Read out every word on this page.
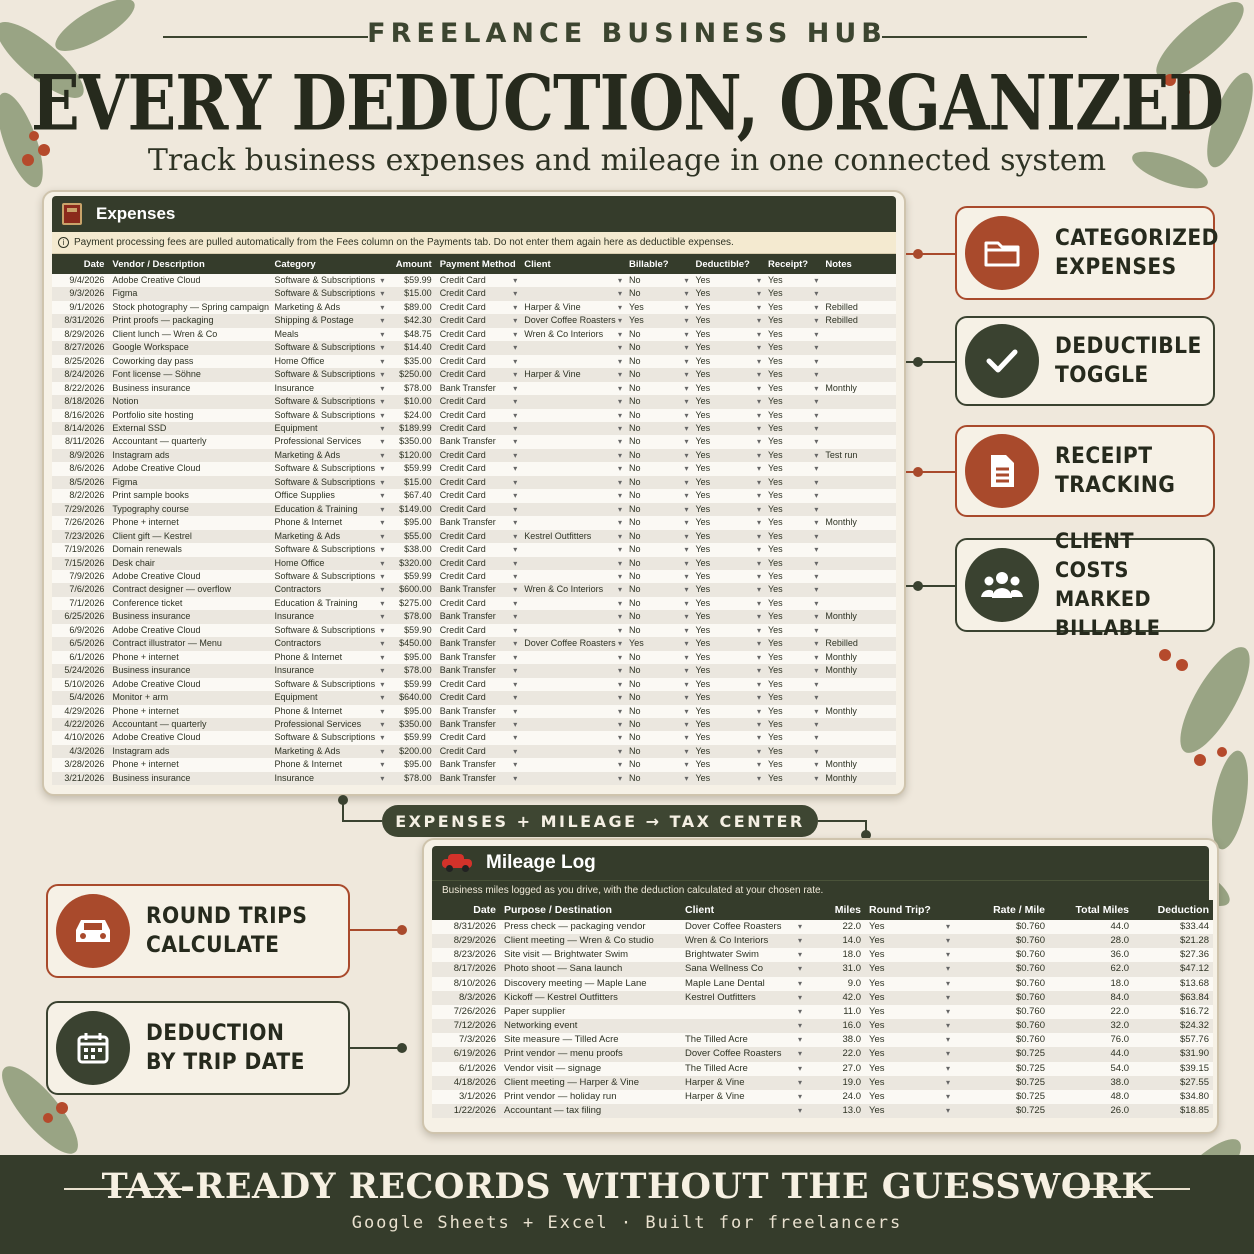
FREELANCE BUSINESS HUB
EVERY DEDUCTION, ORGANIZED
Track business expenses and mileage in one connected system
Expenses
i Payment processing fees are pulled automatically from the Fees column on the Payments tab. Do not enter them again here as deductible expenses.
Date	Vendor / Description	Category	Amount	Payment Method	Client	Billable?	Deductible?	Receipt?	Notes
9/4/2026	Adobe Creative Cloud	Software & Subscriptions ▾	$59.99	Credit Card ▾	▾	No ▾	Yes ▾	Yes ▾	
9/3/2026	Figma	Software & Subscriptions ▾	$15.00	Credit Card ▾	▾	No ▾	Yes ▾	Yes ▾	
9/1/2026	Stock photography — Spring campaign	Marketing & Ads ▾	$89.00	Credit Card ▾	Harper & Vine ▾	Yes ▾	Yes ▾	Yes ▾	Rebilled
8/31/2026	Print proofs — packaging	Shipping & Postage ▾	$42.30	Credit Card ▾	Dover Coffee Roasters ▾	Yes ▾	Yes ▾	Yes ▾	Rebilled
8/29/2026	Client lunch — Wren & Co	Meals ▾	$48.75	Credit Card ▾	Wren & Co Interiors ▾	No ▾	Yes ▾	Yes ▾	
8/27/2026	Google Workspace	Software & Subscriptions ▾	$14.40	Credit Card ▾	▾	No ▾	Yes ▾	Yes ▾	
8/25/2026	Coworking day pass	Home Office ▾	$35.00	Credit Card ▾	▾	No ▾	Yes ▾	Yes ▾	
8/24/2026	Font license — Söhne	Software & Subscriptions ▾	$250.00	Credit Card ▾	Harper & Vine ▾	No ▾	Yes ▾	Yes ▾	
8/22/2026	Business insurance	Insurance ▾	$78.00	Bank Transfer ▾	▾	No ▾	Yes ▾	Yes ▾	Monthly
8/18/2026	Notion	Software & Subscriptions ▾	$10.00	Credit Card ▾	▾	No ▾	Yes ▾	Yes ▾	
8/16/2026	Portfolio site hosting	Software & Subscriptions ▾	$24.00	Credit Card ▾	▾	No ▾	Yes ▾	Yes ▾	
8/14/2026	External SSD	Equipment ▾	$189.99	Credit Card ▾	▾	No ▾	Yes ▾	Yes ▾	
8/11/2026	Accountant — quarterly	Professional Services ▾	$350.00	Bank Transfer ▾	▾	No ▾	Yes ▾	Yes ▾	
8/9/2026	Instagram ads	Marketing & Ads ▾	$120.00	Credit Card ▾	▾	No ▾	Yes ▾	Yes ▾	Test run
8/6/2026	Adobe Creative Cloud	Software & Subscriptions ▾	$59.99	Credit Card ▾	▾	No ▾	Yes ▾	Yes ▾	
8/5/2026	Figma	Software & Subscriptions ▾	$15.00	Credit Card ▾	▾	No ▾	Yes ▾	Yes ▾	
8/2/2026	Print sample books	Office Supplies ▾	$67.40	Credit Card ▾	▾	No ▾	Yes ▾	Yes ▾	
7/29/2026	Typography course	Education & Training ▾	$149.00	Credit Card ▾	▾	No ▾	Yes ▾	Yes ▾	
7/26/2026	Phone + internet	Phone & Internet ▾	$95.00	Bank Transfer ▾	▾	No ▾	Yes ▾	Yes ▾	Monthly
7/23/2026	Client gift — Kestrel	Marketing & Ads ▾	$55.00	Credit Card ▾	Kestrel Outfitters ▾	No ▾	Yes ▾	Yes ▾	
7/19/2026	Domain renewals	Software & Subscriptions ▾	$38.00	Credit Card ▾	▾	No ▾	Yes ▾	Yes ▾	
7/15/2026	Desk chair	Home Office ▾	$320.00	Credit Card ▾	▾	No ▾	Yes ▾	Yes ▾	
7/9/2026	Adobe Creative Cloud	Software & Subscriptions ▾	$59.99	Credit Card ▾	▾	No ▾	Yes ▾	Yes ▾	
7/6/2026	Contract designer — overflow	Contractors ▾	$600.00	Bank Transfer ▾	Wren & Co Interiors ▾	No ▾	Yes ▾	Yes ▾	
7/1/2026	Conference ticket	Education & Training ▾	$275.00	Credit Card ▾	▾	No ▾	Yes ▾	Yes ▾	
6/25/2026	Business insurance	Insurance ▾	$78.00	Bank Transfer ▾	▾	No ▾	Yes ▾	Yes ▾	Monthly
6/9/2026	Adobe Creative Cloud	Software & Subscriptions ▾	$59.90	Credit Card ▾	▾	No ▾	Yes ▾	Yes ▾	
6/5/2026	Contract illustrator — Menu	Contractors ▾	$450.00	Bank Transfer ▾	Dover Coffee Roasters ▾	Yes ▾	Yes ▾	Yes ▾	Rebilled
6/1/2026	Phone + internet	Phone & Internet ▾	$95.00	Bank Transfer ▾	▾	No ▾	Yes ▾	Yes ▾	Monthly
5/24/2026	Business insurance	Insurance ▾	$78.00	Bank Transfer ▾	▾	No ▾	Yes ▾	Yes ▾	Monthly
5/10/2026	Adobe Creative Cloud	Software & Subscriptions ▾	$59.99	Credit Card ▾	▾	No ▾	Yes ▾	Yes ▾	
5/4/2026	Monitor + arm	Equipment ▾	$640.00	Credit Card ▾	▾	No ▾	Yes ▾	Yes ▾	
4/29/2026	Phone + internet	Phone & Internet ▾	$95.00	Bank Transfer ▾	▾	No ▾	Yes ▾	Yes ▾	Monthly
4/22/2026	Accountant — quarterly	Professional Services ▾	$350.00	Bank Transfer ▾	▾	No ▾	Yes ▾	Yes ▾	
4/10/2026	Adobe Creative Cloud	Software & Subscriptions ▾	$59.99	Credit Card ▾	▾	No ▾	Yes ▾	Yes ▾	
4/3/2026	Instagram ads	Marketing & Ads ▾	$200.00	Credit Card ▾	▾	No ▾	Yes ▾	Yes ▾	
3/28/2026	Phone + internet	Phone & Internet ▾	$95.00	Bank Transfer ▾	▾	No ▾	Yes ▾	Yes ▾	Monthly
3/21/2026	Business insurance	Insurance ▾	$78.00	Bank Transfer ▾	▾	No ▾	Yes ▾	Yes ▾	Monthly
CATEGORIZED
EXPENSES
DEDUCTIBLE
TOGGLE
RECEIPT
TRACKING
CLIENT COSTS
MARKED BILLABLE
ROUND TRIPS
CALCULATE
DEDUCTION
BY TRIP DATE
EXPENSES + MILEAGE → TAX CENTER
Mileage Log
Business miles logged as you drive, with the deduction calculated at your chosen rate.
Date	Purpose / Destination	Client	Miles	Round Trip?	Rate / Mile	Total Miles	Deduction
8/31/2026	Press check — packaging vendor	Dover Coffee Roasters ▾	22.0	Yes ▾	$0.760	44.0	$33.44
8/29/2026	Client meeting — Wren & Co studio	Wren & Co Interiors ▾	14.0	Yes ▾	$0.760	28.0	$21.28
8/23/2026	Site visit — Brightwater Swim	Brightwater Swim ▾	18.0	Yes ▾	$0.760	36.0	$27.36
8/17/2026	Photo shoot — Sana launch	Sana Wellness Co ▾	31.0	Yes ▾	$0.760	62.0	$47.12
8/10/2026	Discovery meeting — Maple Lane	Maple Lane Dental ▾	9.0	Yes ▾	$0.760	18.0	$13.68
8/3/2026	Kickoff — Kestrel Outfitters	Kestrel Outfitters ▾	42.0	Yes ▾	$0.760	84.0	$63.84
7/26/2026	Paper supplier	▾	11.0	Yes ▾	$0.760	22.0	$16.72
7/12/2026	Networking event	▾	16.0	Yes ▾	$0.760	32.0	$24.32
7/3/2026	Site measure — Tilled Acre	The Tilled Acre ▾	38.0	Yes ▾	$0.760	76.0	$57.76
6/19/2026	Print vendor — menu proofs	Dover Coffee Roasters ▾	22.0	Yes ▾	$0.725	44.0	$31.90
6/1/2026	Vendor visit — signage	The Tilled Acre ▾	27.0	Yes ▾	$0.725	54.0	$39.15
4/18/2026	Client meeting — Harper & Vine	Harper & Vine ▾	19.0	Yes ▾	$0.725	38.0	$27.55
3/1/2026	Print vendor — holiday run	Harper & Vine ▾	24.0	Yes ▾	$0.725	48.0	$34.80
1/22/2026	Accountant — tax filing	▾	13.0	Yes ▾	$0.725	26.0	$18.85
TAX-READY RECORDS WITHOUT THE GUESSWORK
Google Sheets + Excel · Built for freelancers
